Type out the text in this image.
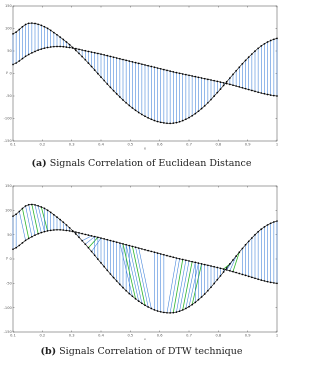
0.1	0.2	0.3	0.4	0.5	0.6	0.7	0.8	0.9	1
150
100
50
0
-50
-100
-150
x
y
(a) Signals Correlation of Euclidean Distance
0.1	0.2	0.3	0.4	0.5	0.6	0.7	0.8	0.9	1
150
100
50
0
-50
-100
-150
x
y
(b) Signals Correlation of DTW technique
